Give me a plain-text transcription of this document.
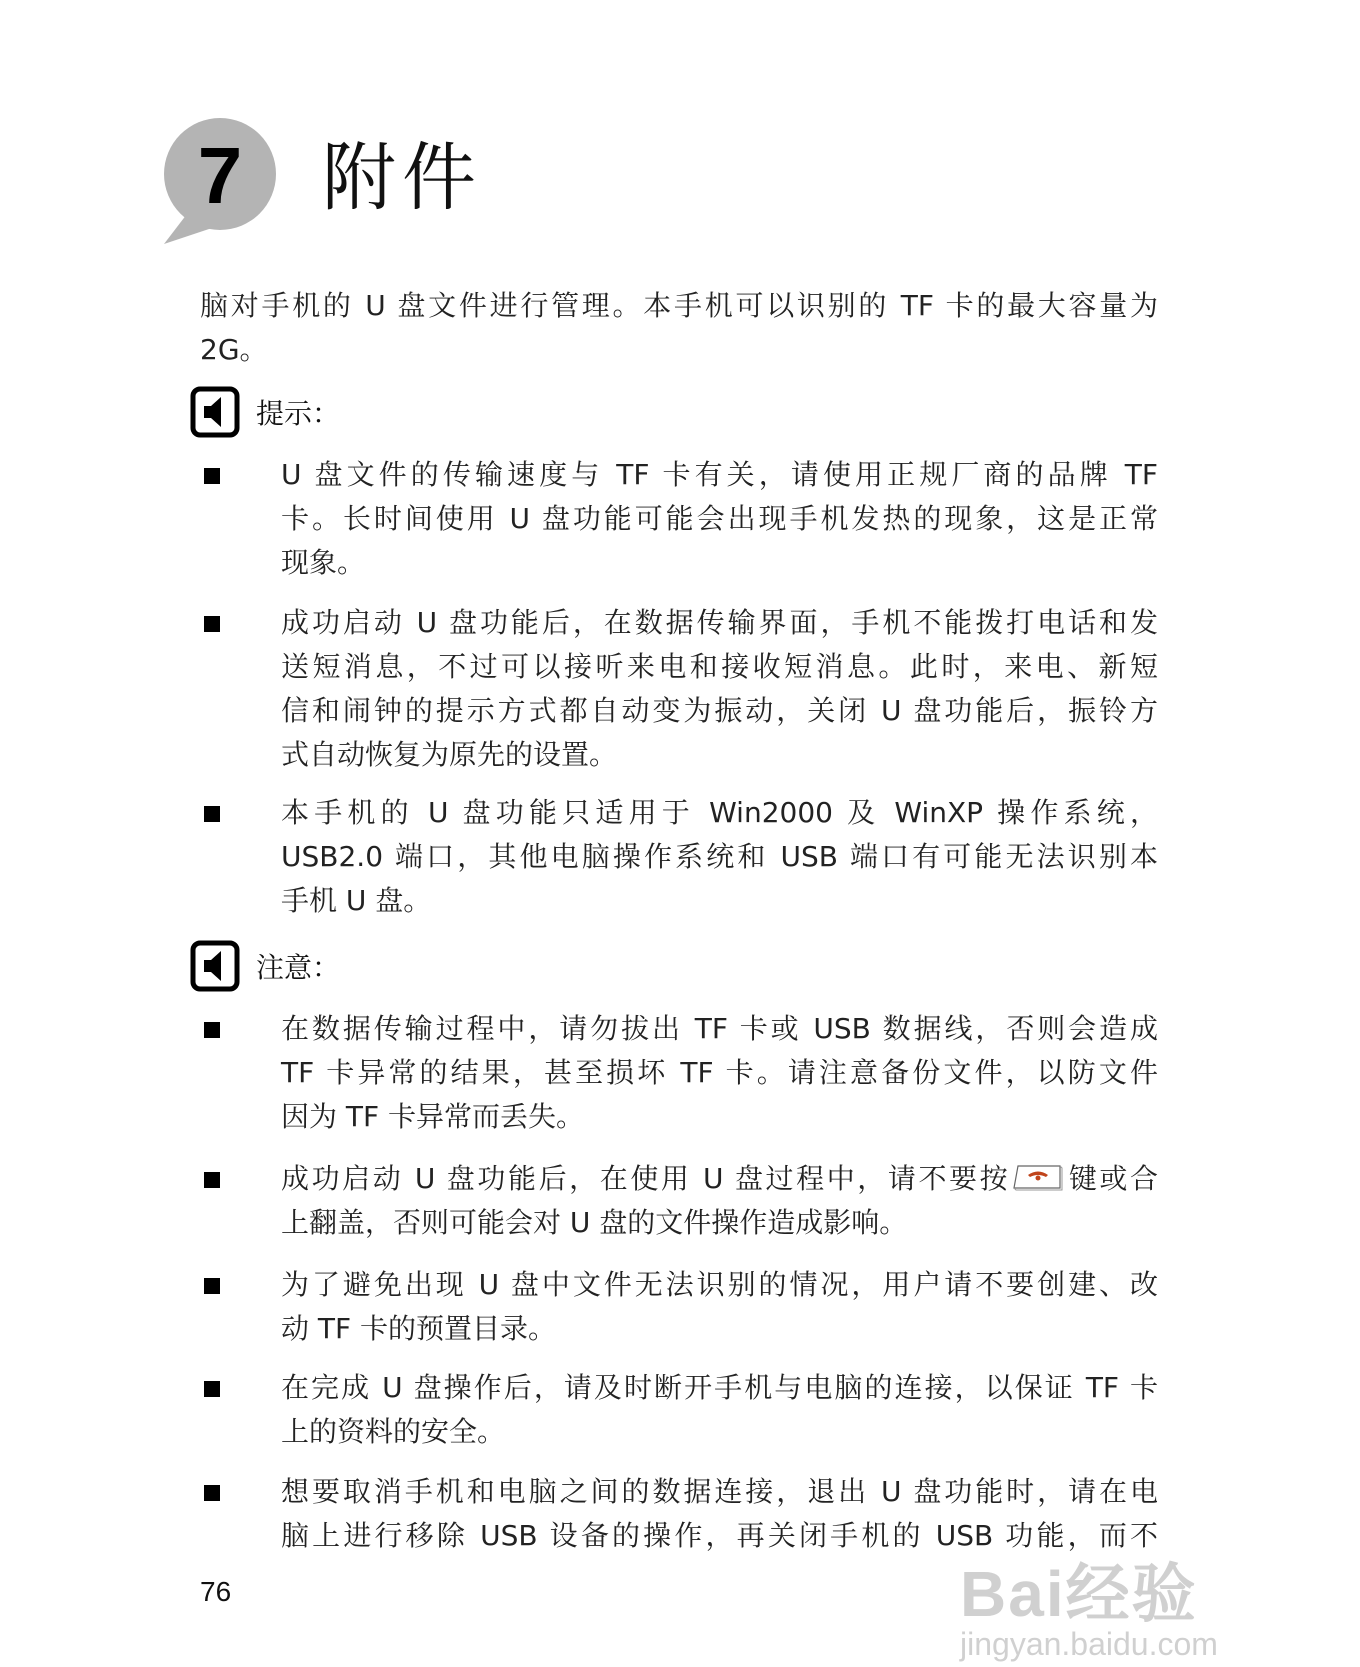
7 附件
脑对手机的 U 盘文件进行管理。本手机可以识别的 TF 卡的最大容量为
2G。
提示：
U 盘文件的传输速度与 TF 卡有关，请使用正规厂商的品牌 TF
卡。长时间使用 U 盘功能可能会出现手机发热的现象，这是正常
现象。
成功启动 U 盘功能后，在数据传输界面，手机不能拨打电话和发
送短消息，不过可以接听来电和接收短消息。此时，来电、新短
信和闹钟的提示方式都自动变为振动，关闭 U 盘功能后，振铃方
式自动恢复为原先的设置。
本手机的 U 盘功能只适用于 Win2000 及 WinXP 操作系统，
USB2.0 端口，其他电脑操作系统和 USB 端口有可能无法识别本
手机 U 盘。
注意：
在数据传输过程中，请勿拔出 TF 卡或 USB 数据线，否则会造成
TF 卡异常的结果，甚至损坏 TF 卡。请注意备份文件，以防文件
因为 TF 卡异常而丢失。
成功启动 U 盘功能后，在使用 U 盘过程中，请不要按 键或合
上翻盖，否则可能会对 U 盘的文件操作造成影响。
为了避免出现 U 盘中文件无法识别的情况，用户请不要创建、改
动 TF 卡的预置目录。
在完成 U 盘操作后，请及时断开手机与电脑的连接，以保证 TF 卡
上的资料的安全。
想要取消手机和电脑之间的数据连接，退出 U 盘功能时，请在电
脑上进行移除 USB 设备的操作，再关闭手机的 USB 功能，而不
76	Bai经验
jingyan.baidu.com
